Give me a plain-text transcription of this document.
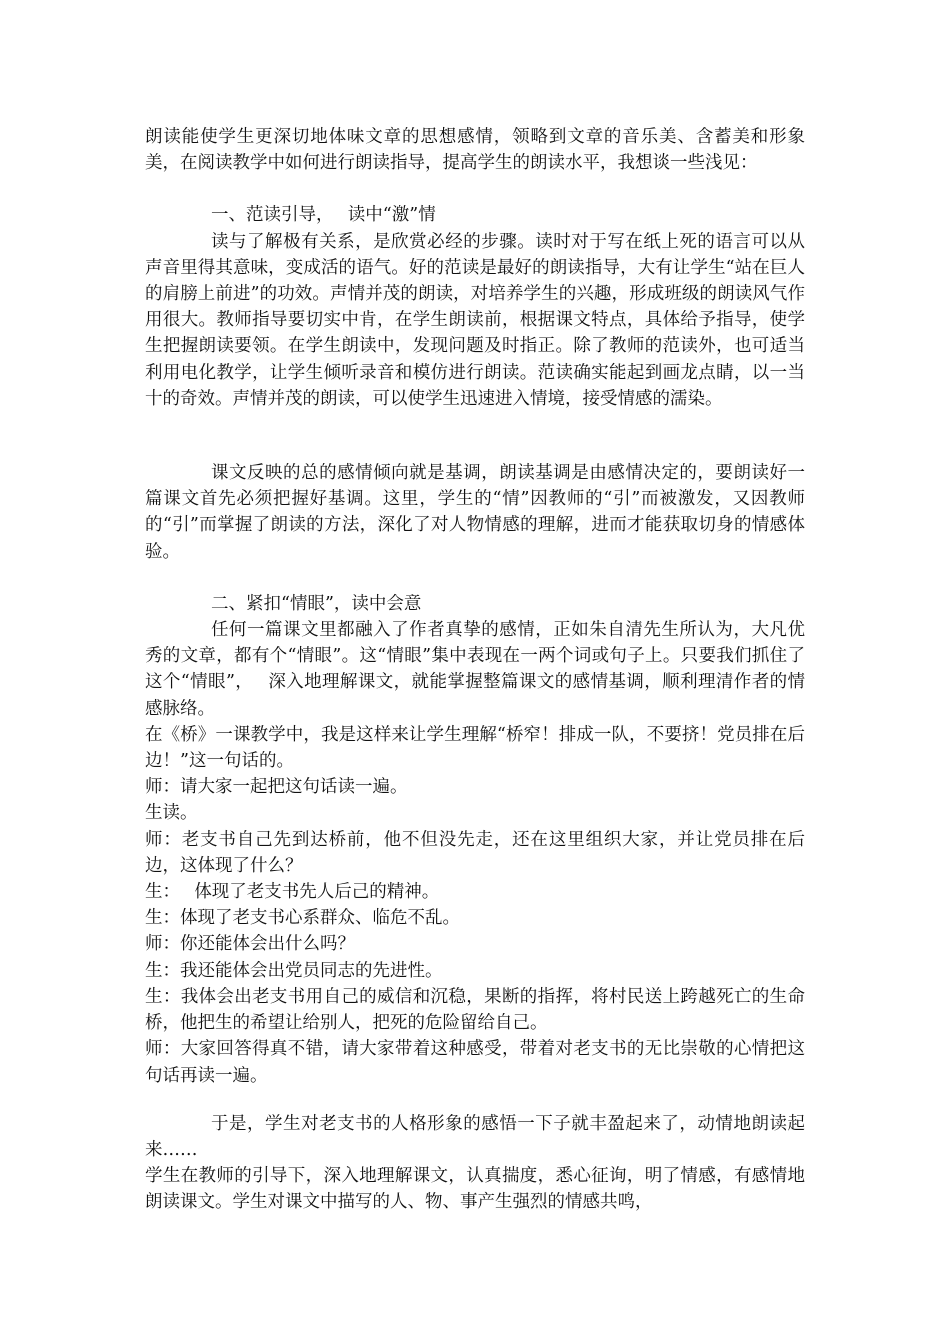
朗读能使学生更深切地体味文章的思想感情，领略到文章的音乐美、含蓄美和形象美，在阅读教学中如何进行朗读指导，提高学生的朗读水平，我想谈一些浅见：

一、范读引导，　 读中“激”情

读与了解极有关系，是欣赏必经的步骤。读时对于写在纸上死的语言可以从声音里得其意味，变成活的语气。好的范读是最好的朗读指导，大有让学生“站在巨人的肩膀上前进”的功效。声情并茂的朗读，对培养学生的兴趣，形成班级的朗读风气作用很大。教师指导要切实中肯，在学生朗读前，根据课文特点，具体给予指导，使学生把握朗读要领。在学生朗读中，发现问题及时指正。除了教师的范读外，也可适当利用电化教学，让学生倾听录音和模仿进行朗读。范读确实能起到画龙点睛，以一当十的奇效。声情并茂的朗读，可以使学生迅速进入情境，接受情感的濡染。

课文反映的总的感情倾向就是基调，朗读基调是由感情决定的，要朗读好一篇课文首先必须把握好基调。这里，学生的“情”因教师的“引”而被激发，又因教师的“引”而掌握了朗读的方法，深化了对人物情感的理解，进而才能获取切身的情感体验。

二、紧扣“情眼”，读中会意

任何一篇课文里都融入了作者真挚的感情，正如朱自清先生所认为，大凡优秀的文章，都有个“情眼”。这“情眼”集中表现在一两个词或句子上。只要我们抓住了这个“情眼”，　 深入地理解课文，就能掌握整篇课文的感情基调，顺利理清作者的情感脉络。

在《桥》一课教学中，我是这样来让学生理解“桥窄！排成一队，不要挤！党员排在后边！”这一句话的。

师：请大家一起把这句话读一遍。

生读。

师：老支书自己先到达桥前，他不但没先走，还在这里组织大家，并让党员排在后边，这体现了什么？

生：　 体现了老支书先人后己的精神。

生：体现了老支书心系群众、临危不乱。

师：你还能体会出什么吗？

生：我还能体会出党员同志的先进性。

生：我体会出老支书用自己的威信和沉稳，果断的指挥，将村民送上跨越死亡的生命桥，他把生的希望让给别人，把死的危险留给自己。

师：大家回答得真不错，请大家带着这种感受，带着对老支书的无比崇敬的心情把这句话再读一遍。

于是，学生对老支书的人格形象的感悟一下子就丰盈起来了，动情地朗读起来……

学生在教师的引导下，深入地理解课文，认真揣度，悉心征询，明了情感，有感情地朗读课文。学生对课文中描写的人、物、事产生强烈的情感共鸣，
